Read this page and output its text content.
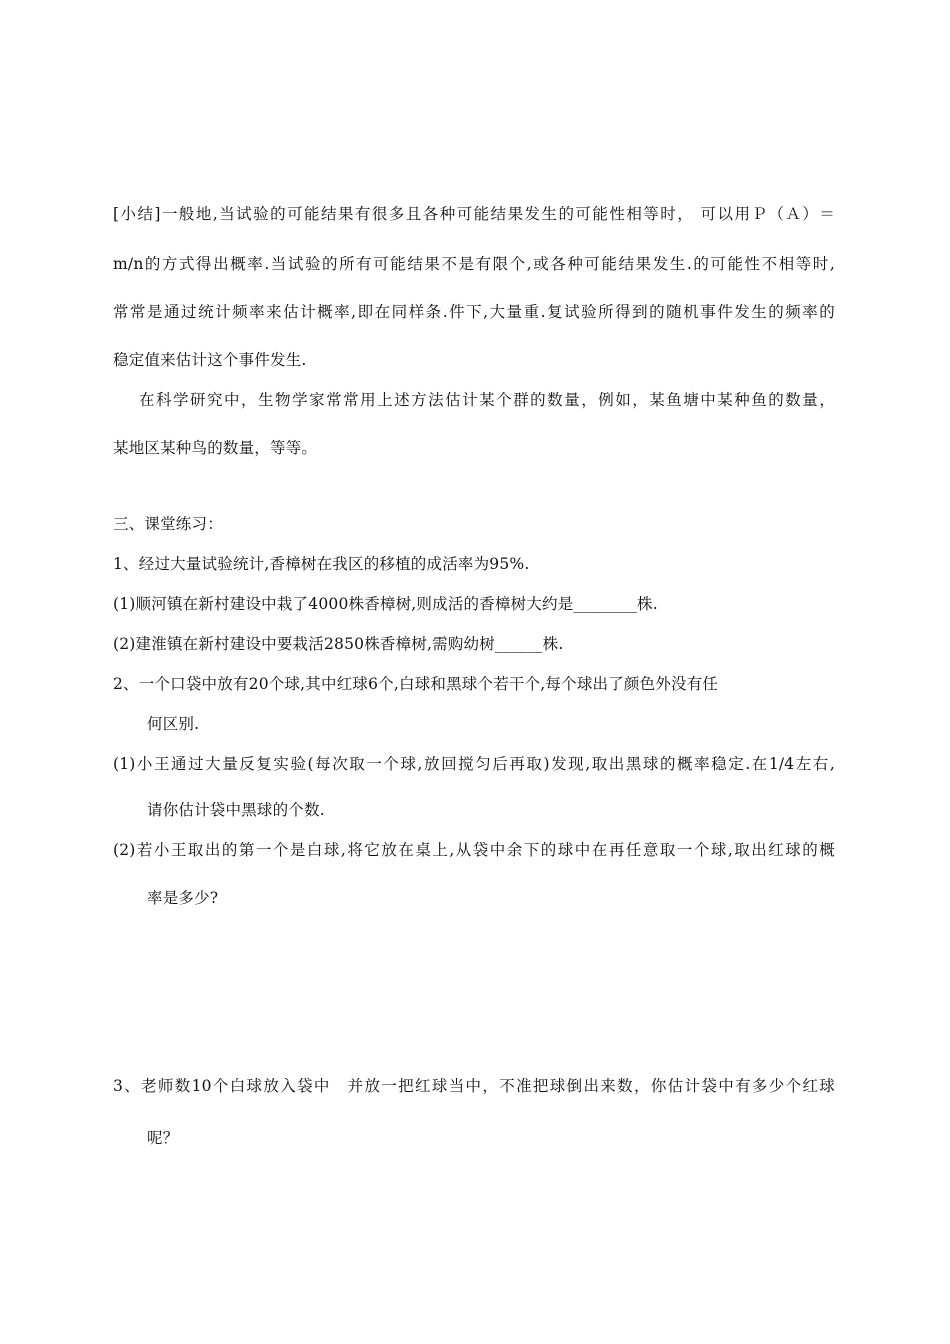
[小结]一般地,当试验的可能结果有很多且各种可能结果发生的可能性相等时， 可以用Ｐ（Ａ）＝
m/n的方式得出概率.当试验的所有可能结果不是有限个,或各种可能结果发生.的可能性不相等时,
常常是通过统计频率来估计概率,即在同样条.件下,大量重.复试验所得到的随机事件发生的频率的
稳定值来估计这个事件发生.
在科学研究中，生物学家常常用上述方法估计某个群的数量，例如，某鱼塘中某种鱼的数量，
某地区某种鸟的数量，等等。
三、课堂练习：
1、经过大量试验统计,香樟树在我区的移植的成活率为95%.
(1)顺河镇在新村建设中栽了4000株香樟树,则成活的香樟树大约是________株.
(2)建淮镇在新村建设中要栽活2850株香樟树,需购幼树______株.
2、一个口袋中放有20个球,其中红球6个,白球和黑球个若干个,每个球出了颜色外没有任
何区别.
(1)小王通过大量反复实验(每次取一个球,放回搅匀后再取)发现,取出黑球的概率稳定.在1/4左右,
请你估计袋中黑球的个数.
(2)若小王取出的第一个是白球,将它放在桌上,从袋中余下的球中在再任意取一个球,取出红球的概
率是多少?
3、老师数10个白球放入袋中　并放一把红球当中，不准把球倒出来数，你估计袋中有多少个红球
呢？
